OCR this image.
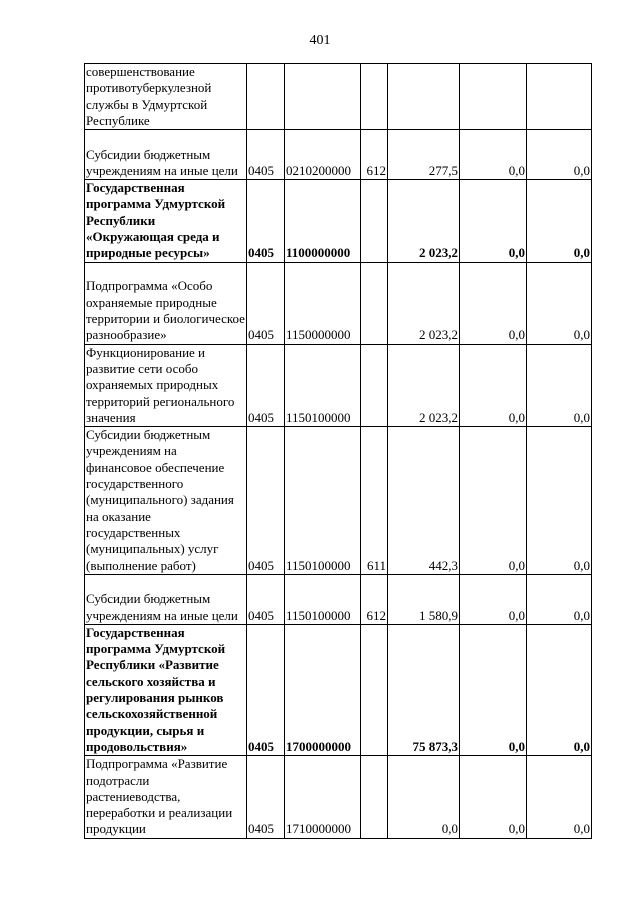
401
совершенствование противотуберкулезной службы в Удмуртской Республике						
Субсидии бюджетным учреждениям на иные цели	0405	0210200000	612	277,5	0,0	0,0
Государственная программа Удмуртской Республики «Окружающая среда и природные ресурсы»	0405	1100000000		2 023,2	0,0	0,0
Подпрограмма «Особо охраняемые природные территории и биологическое разнообразие»	0405	1150000000		2 023,2	0,0	0,0
Функционирование и развитие сети особо охраняемых природных территорий регионального значения	0405	1150100000		2 023,2	0,0	0,0
Субсидии бюджетным учреждениям на финансовое обеспечение государственного (муниципального) задания на оказание государственных (муниципальных) услуг (выполнение работ)	0405	1150100000	611	442,3	0,0	0,0
Субсидии бюджетным учреждениям на иные цели	0405	1150100000	612	1 580,9	0,0	0,0
Государственная программа Удмуртской Республики «Развитие сельского хозяйства и регулирования рынков сельскохозяйственной продукции, сырья и продовольствия»	0405	1700000000		75 873,3	0,0	0,0
Подпрограмма «Развитие подотрасли растениеводства, переработки и реализации продукции	0405	1710000000		0,0	0,0	0,0
